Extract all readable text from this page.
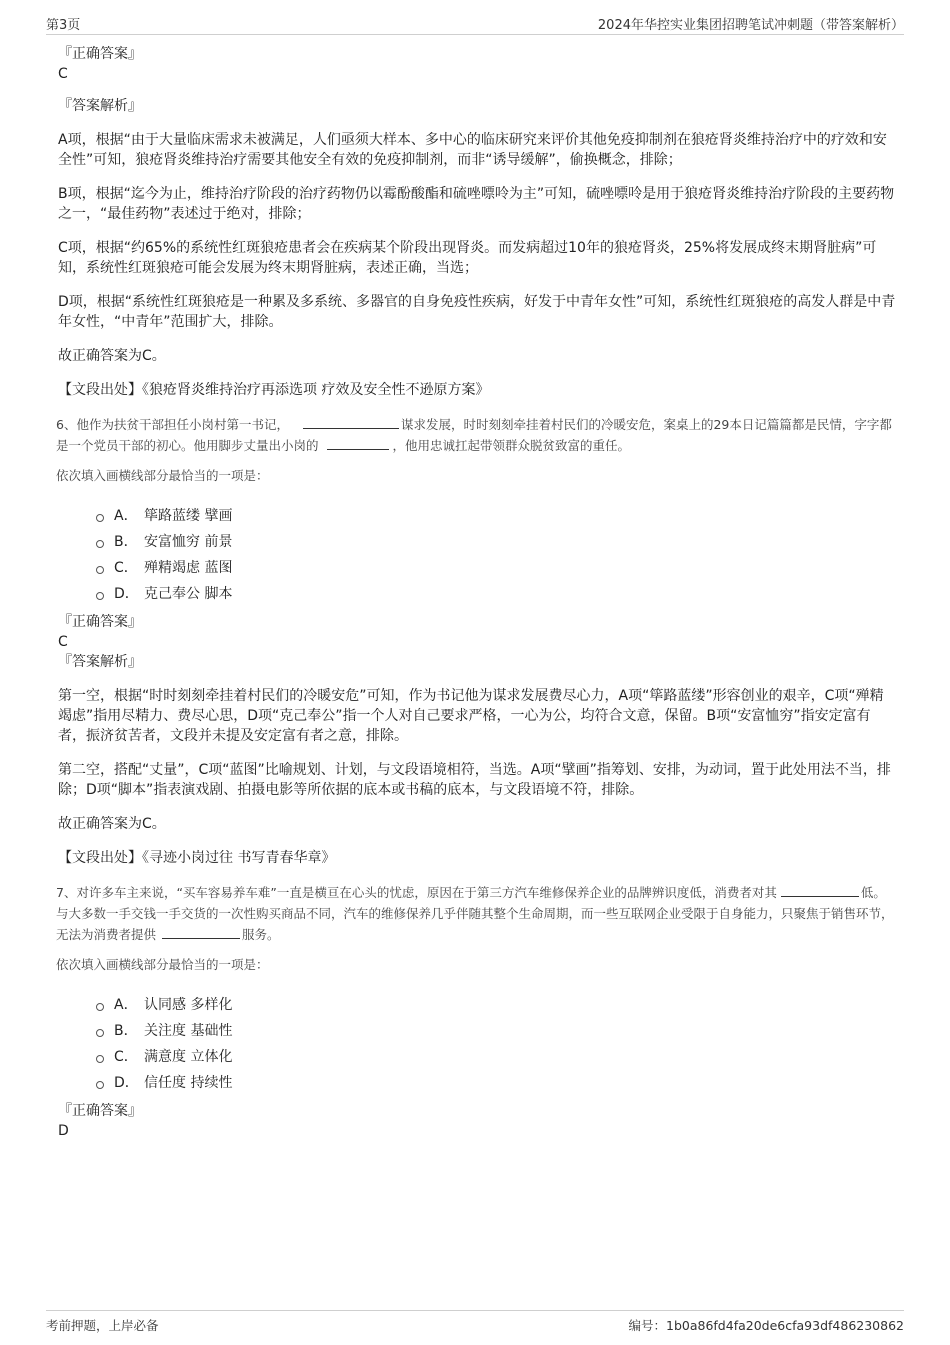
第3页	2024年华控实业集团招聘笔试冲刺题（带答案解析）
『正确答案』
C
『答案解析』

A项，根据“由于大量临床需求未被满足，人们亟须大样本、多中心的临床研究来评价其他免疫抑制剂在狼疮肾炎维持治疗中的疗效和安全性”可知，狼疮肾炎维持治疗需要其他安全有效的免疫抑制剂，而非“诱导缓解”，偷换概念，排除；

B项，根据“迄今为止，维持治疗阶段的治疗药物仍以霉酚酸酯和硫唑嘌呤为主”可知，硫唑嘌呤是用于狼疮肾炎维持治疗阶段的主要药物之一，“最佳药物”表述过于绝对，排除；

C项，根据“约65%的系统性红斑狼疮患者会在疾病某个阶段出现肾炎。而发病超过10年的狼疮肾炎，25%将发展成终末期肾脏病”可知，系统性红斑狼疮可能会发展为终末期肾脏病，表述正确，当选；

D项，根据“系统性红斑狼疮是一种累及多系统、多器官的自身免疫性疾病，好发于中青年女性”可知，系统性红斑狼疮的高发人群是中青年女性，“中青年”范围扩大，排除。

故正确答案为C。

【文段出处】《狼疮肾炎维持治疗再添选项 疗效及安全性不逊原方案》
6、他作为扶贫干部担任小岗村第一书记，	谋求发展，时时刻刻牵挂着村民们的冷暖安危，案桌上的29本日记篇篇都是民情，字字都是一个党员干部的初心。他用脚步丈量出小岗的	，他用忠诚扛起带领群众脱贫致富的重任。
依次填入画横线部分最恰当的一项是：
A． 筚路蓝缕 擘画
B． 安富恤穷 前景
C． 殚精竭虑 蓝图
D． 克己奉公 脚本
『正确答案』
C
『答案解析』

第一空，根据“时时刻刻牵挂着村民们的冷暖安危”可知，作为书记他为谋求发展费尽心力，A项“筚路蓝缕”形容创业的艰辛，C项“殚精竭虑”指用尽精力、费尽心思，D项“克己奉公”指一个人对自己要求严格，一心为公，均符合文意，保留。B项“安富恤穷”指安定富有者，振济贫苦者，文段并未提及安定富有者之意，排除。

第二空，搭配“丈量”，C项“蓝图”比喻规划、计划，与文段语境相符，当选。A项“擘画”指筹划、安排，为动词，置于此处用法不当，排除；D项“脚本”指表演戏剧、拍摄电影等所依据的底本或书稿的底本，与文段语境不符，排除。

故正确答案为C。

【文段出处】《寻迹小岗过往 书写青春华章》
7、对许多车主来说，“买车容易养车难”一直是横亘在心头的忧虑，原因在于第三方汽车维修保养企业的品牌辨识度低，消费者对其	低。与大多数一手交钱一手交货的一次性购买商品不同，汽车的维修保养几乎伴随其整个生命周期，而一些互联网企业受限于自身能力，只聚焦于销售环节，无法为消费者提供	服务。
依次填入画横线部分最恰当的一项是：
A． 认同感 多样化
B． 关注度 基础性
C． 满意度 立体化
D． 信任度 持续性
『正确答案』
D
考前押题，上岸必备	编号：1b0a86fd4fa20de6cfa93df486230862
